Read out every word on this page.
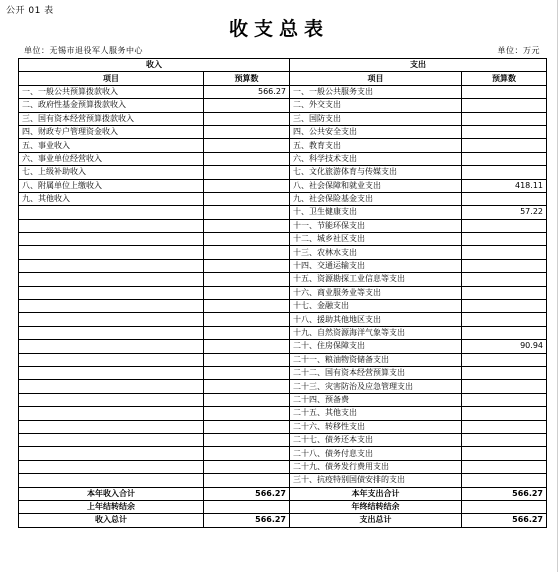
公开 01 表
收支总表
单位：无锡市退役军人服务中心	单位：万元
收入		支出	
项目	预算数	项目	预算数
一、一般公共预算拨款收入	566.27	一、一般公共服务支出	
二、政府性基金预算拨款收入		二、外交支出	
三、国有资本经营预算拨款收入		三、国防支出	
四、财政专户管理资金收入		四、公共安全支出	
五、事业收入		五、教育支出	
六、事业单位经营收入		六、科学技术支出	
七、上级补助收入		七、文化旅游体育与传媒支出	
八、附属单位上缴收入		八、社会保障和就业支出	418.11
九、其他收入		九、社会保险基金支出	
		十、卫生健康支出	57.22
		十一、节能环保支出	
		十二、城乡社区支出	
		十三、农林水支出	
		十四、交通运输支出	
		十五、资源勘探工业信息等支出	
		十六、商业服务业等支出	
		十七、金融支出	
		十八、援助其他地区支出	
		十九、自然资源海洋气象等支出	
		二十、住房保障支出	90.94
		二十一、粮油物资储备支出	
		二十二、国有资本经营预算支出	
		二十三、灾害防治及应急管理支出	
		二十四、预备费	
		二十五、其他支出	
		二十六、转移性支出	
		二十七、债务还本支出	
		二十八、债务付息支出	
		二十九、债务发行费用支出	
		三十、抗疫特别国债安排的支出	
本年收入合计	566.27	本年支出合计	566.27
上年结转结余		年终结转结余	
收入总计	566.27	支出总计	566.27
